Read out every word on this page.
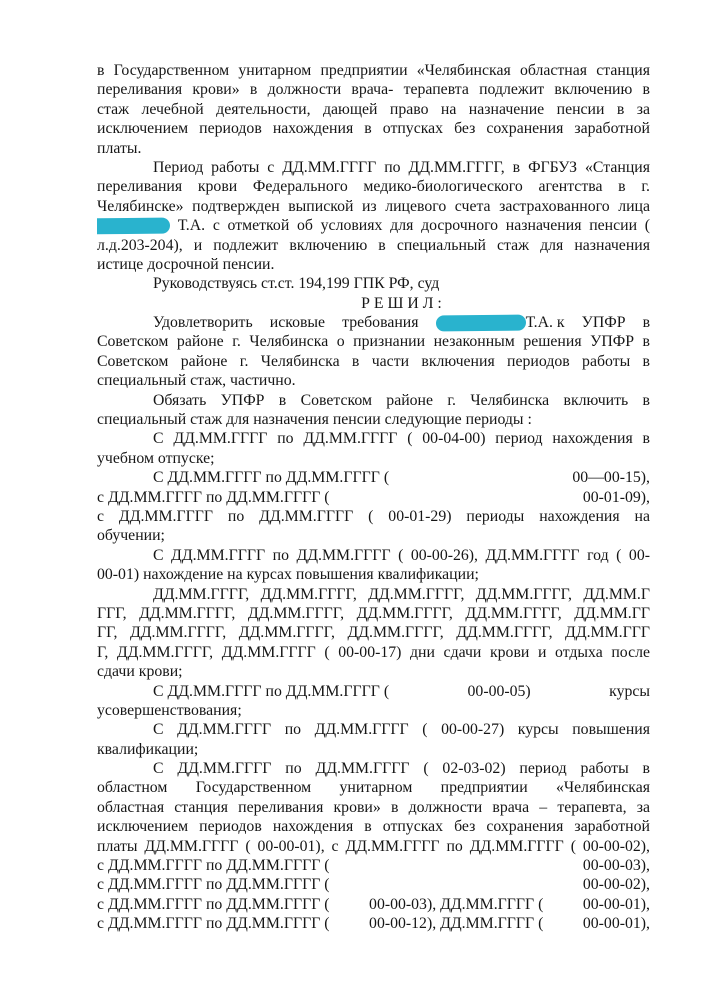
в Государственном унитарном предприятии «Челябинская областная станция
переливания крови» в должности врача- терапевта подлежит включению в
стаж лечебной деятельности, дающей право на назначение пенсии в за
исключением периодов нахождения в отпусках без сохранения заработной
платы.
Период работы с ДД.ММ.ГГГГ по ДД.ММ.ГГГГ, в ФГБУЗ «Станция
переливания крови Федерального медико-биологического агентства в г.
Челябинске» подтвержден выпиской из лицевого счета застрахованного лица
Т.А. с отметкой об условиях для досрочного назначения пенсии (
л.д.203-204), и подлежит включению в специальный стаж для назначения
истице досрочной пенсии.
Руководствуясь ст.ст. 194,199 ГПК РФ, суд
Р Е Ш И Л :
Удовлетворить исковые требования	Т.А. к УПФР в
Советском районе г. Челябинска о признании незаконным решения УПФР в
Советском районе г. Челябинска в части включения периодов работы в
специальный стаж, частично.
Обязать УПФР в Советском районе г. Челябинска включить в
специальный стаж для назначения пенсии следующие периоды :
С ДД.ММ.ГГГГ по ДД.ММ.ГГГГ ( 00-04-00) период нахождения в
учебном отпуске;
С ДД.ММ.ГГГГ по ДД.ММ.ГГГГ (	00—00-15),
с ДД.ММ.ГГГГ по ДД.ММ.ГГГГ (	00-01-09),
с ДД.ММ.ГГГГ по ДД.ММ.ГГГГ ( 00-01-29) периоды нахождения на
обучении;
С ДД.ММ.ГГГГ по ДД.ММ.ГГГГ ( 00-00-26), ДД.ММ.ГГГГ год ( 00-
00-01) нахождение на курсах повышения квалификации;
ДД.ММ.ГГГГ, ДД.ММ.ГГГГ, ДД.ММ.ГГГГ, ДД.ММ.ГГГГ, ДД.ММ.Г
ГГГ, ДД.ММ.ГГГГ, ДД.ММ.ГГГГ, ДД.ММ.ГГГГ, ДД.ММ.ГГГГ, ДД.ММ.ГГ
ГГ, ДД.ММ.ГГГГ, ДД.ММ.ГГГГ, ДД.ММ.ГГГГ, ДД.ММ.ГГГГ, ДД.ММ.ГГГ
Г, ДД.ММ.ГГГГ, ДД.ММ.ГГГГ ( 00-00-17) дни сдачи крови и отдыха после
сдачи крови;
С ДД.ММ.ГГГГ по ДД.ММ.ГГГГ (	00-00-05)	курсы
усовершенствования;
С ДД.ММ.ГГГГ по ДД.ММ.ГГГГ ( 00-00-27) курсы повышения
квалификации;
С ДД.ММ.ГГГГ по ДД.ММ.ГГГГ ( 02-03-02) период работы в
областном Государственном унитарном предприятии «Челябинская
областная станция переливания крови» в должности врача – терапевта, за
исключением периодов нахождения в отпусках без сохранения заработной
платы ДД.ММ.ГГГГ ( 00-00-01), с ДД.ММ.ГГГГ по ДД.ММ.ГГГГ ( 00-00-02),
с ДД.ММ.ГГГГ по ДД.ММ.ГГГГ (	00-00-03),
с ДД.ММ.ГГГГ по ДД.ММ.ГГГГ (	00-00-02),
с ДД.ММ.ГГГГ по ДД.ММ.ГГГГ ( 00-00-03), ДД.ММ.ГГГГ ( 00-00-01),
с ДД.ММ.ГГГГ по ДД.ММ.ГГГГ ( 00-00-12), ДД.ММ.ГГГГ ( 00-00-01),
